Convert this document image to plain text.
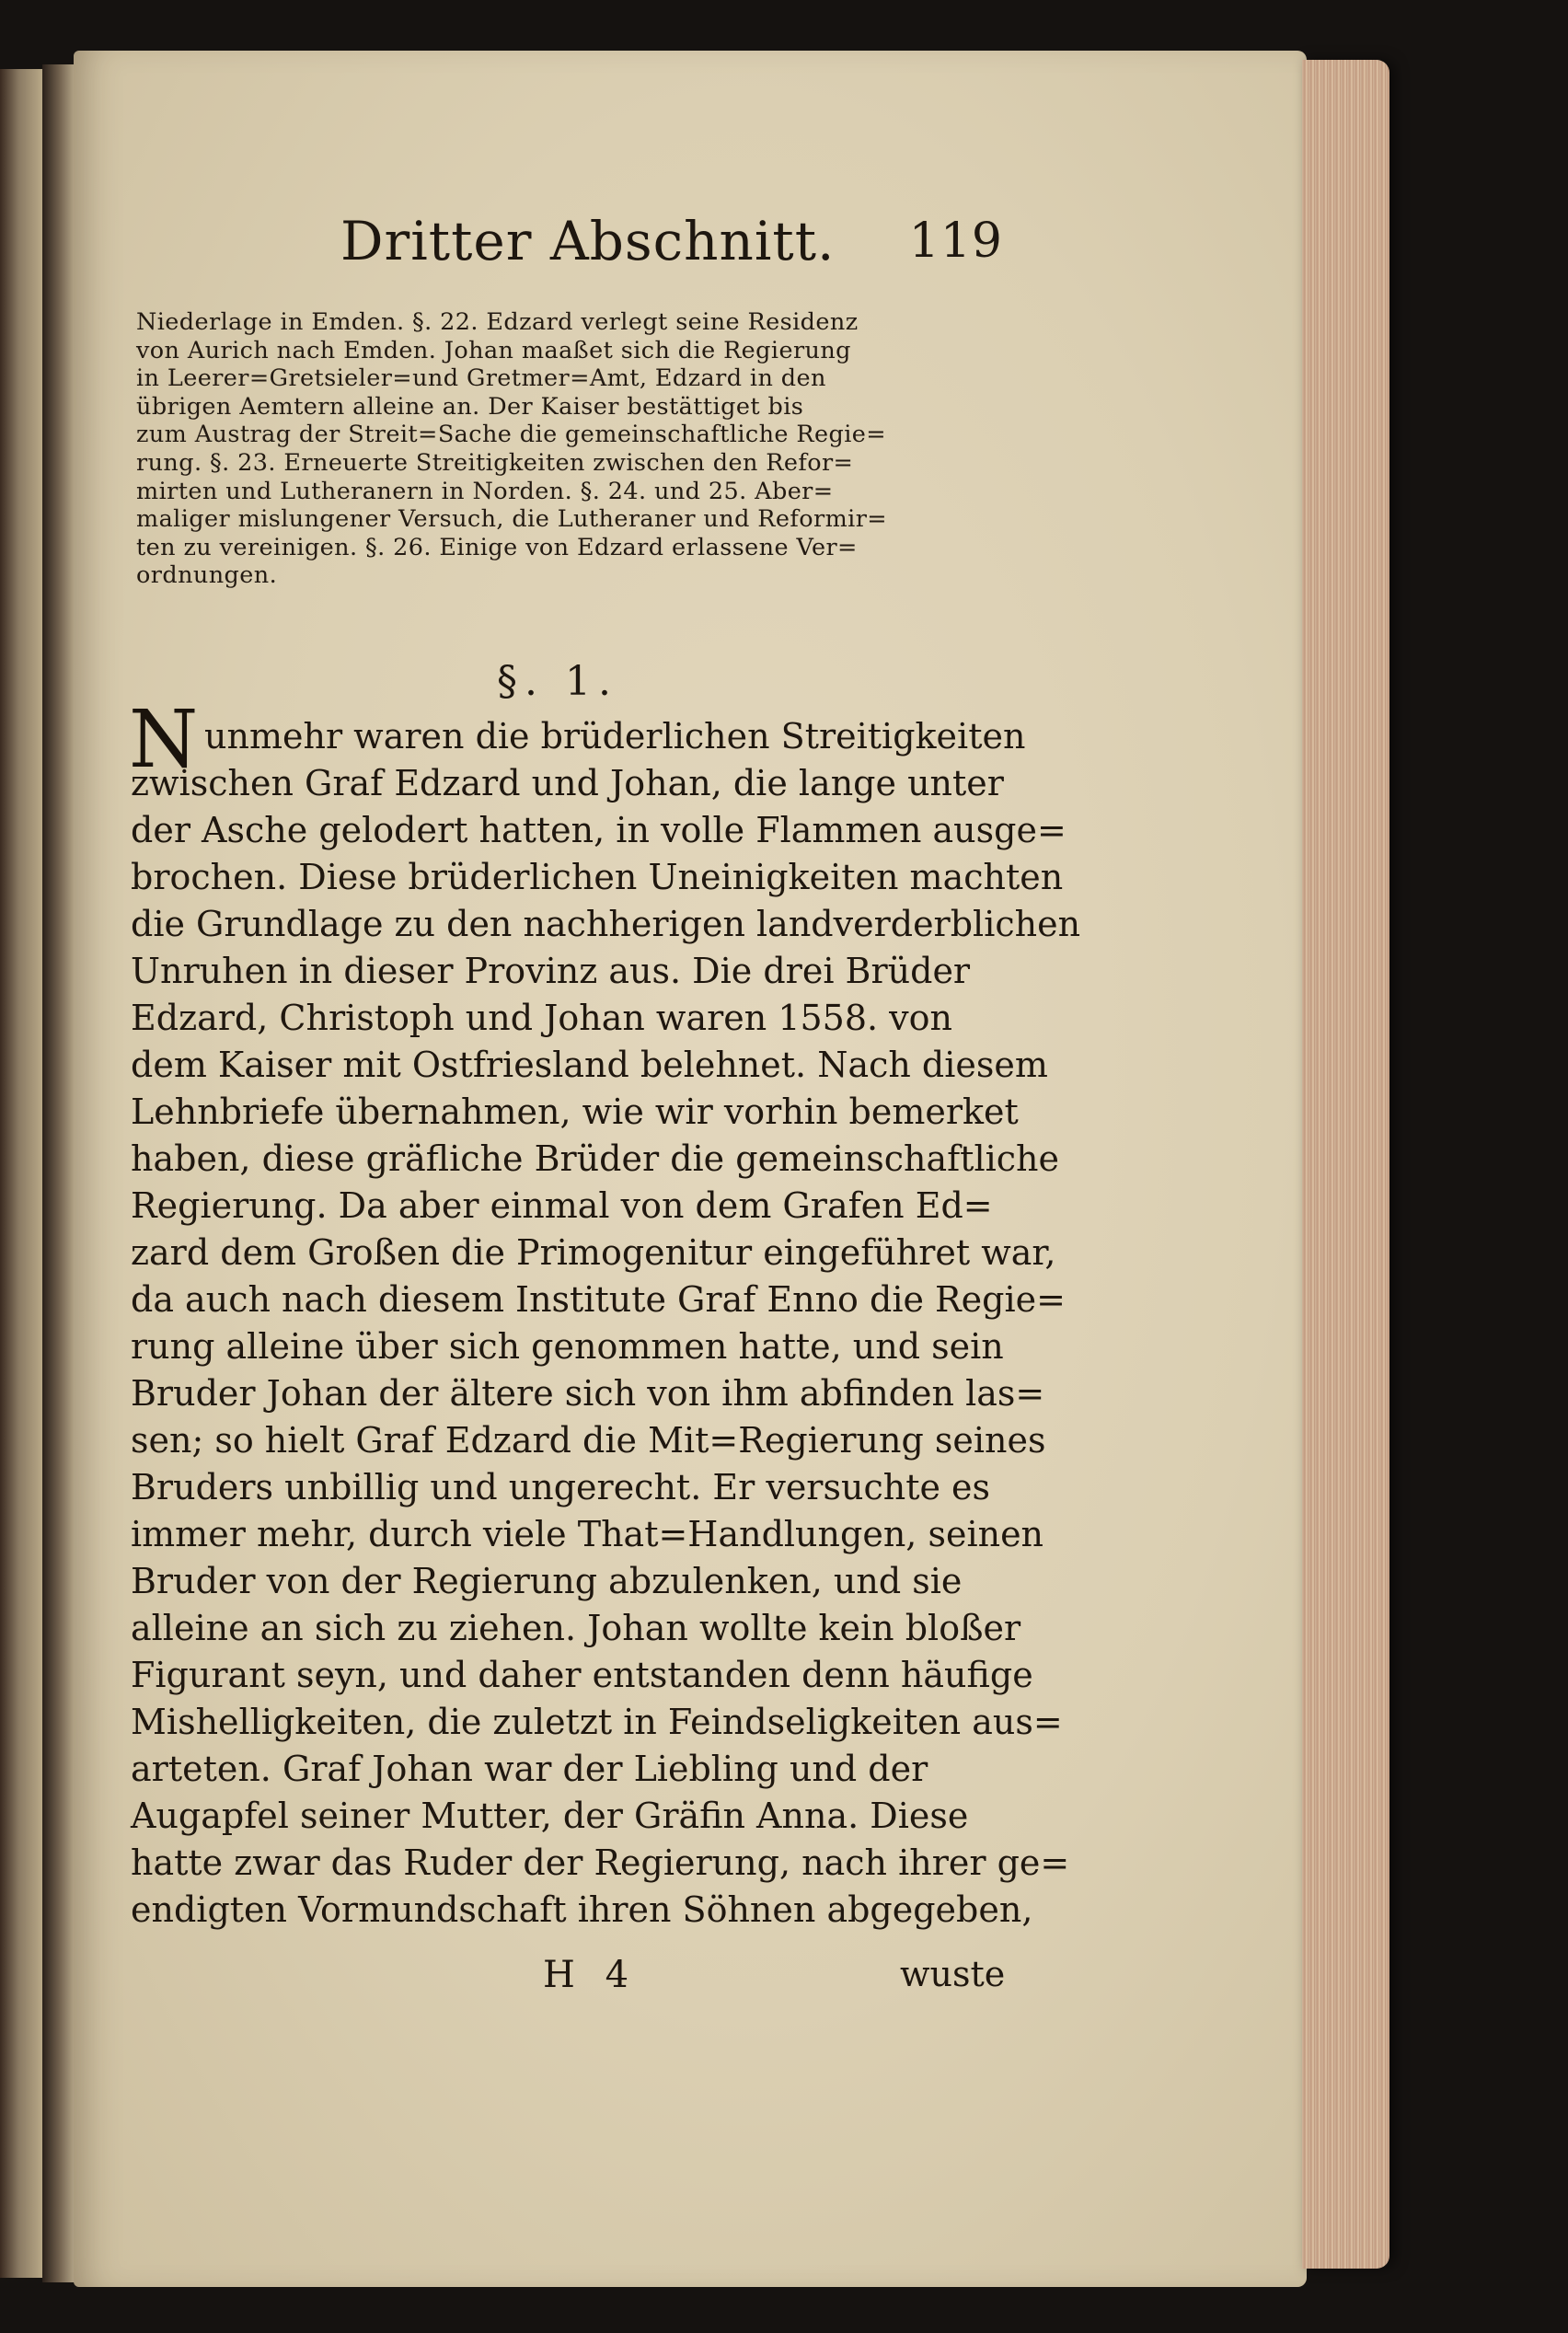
Dritter Abschnitt. 119
Niederlage in Emden. §. 22. Edzard verlegt seine Residenz
von Aurich nach Emden. Johan maaßet sich die Regierung
in Leerer=Gretsieler=und Gretmer=Amt, Edzard in den
übrigen Aemtern alleine an. Der Kaiser bestättiget bis
zum Austrag der Streit=Sache die gemeinschaftliche Regie=
rung. §. 23. Erneuerte Streitigkeiten zwischen den Refor=
mirten und Lutheranern in Norden. §. 24. und 25. Aber=
maliger mislungener Versuch, die Lutheraner und Reformir=
ten zu vereinigen. §. 26. Einige von Edzard erlassene Ver=
ordnungen.
§. 1.
N unmehr waren die brüderlichen Streitigkeiten
zwischen Graf Edzard und Johan, die lange unter
der Asche gelodert hatten, in volle Flammen ausge=
brochen. Diese brüderlichen Uneinigkeiten machten
die Grundlage zu den nachherigen landverderblichen
Unruhen in dieser Provinz aus. Die drei Brüder
Edzard, Christoph und Johan waren 1558. von
dem Kaiser mit Ostfriesland belehnet. Nach diesem
Lehnbriefe übernahmen, wie wir vorhin bemerket
haben, diese gräfliche Brüder die gemeinschaftliche
Regierung. Da aber einmal von dem Grafen Ed=
zard dem Großen die Primogenitur eingeführet war,
da auch nach diesem Institute Graf Enno die Regie=
rung alleine über sich genommen hatte, und sein
Bruder Johan der ältere sich von ihm abfinden las=
sen; so hielt Graf Edzard die Mit=Regierung seines
Bruders unbillig und ungerecht. Er versuchte es
immer mehr, durch viele That=Handlungen, seinen
Bruder von der Regierung abzulenken, und sie
alleine an sich zu ziehen. Johan wollte kein bloßer
Figurant seyn, und daher entstanden denn häufige
Mishelligkeiten, die zuletzt in Feindseligkeiten aus=
arteten. Graf Johan war der Liebling und der
Augapfel seiner Mutter, der Gräfin Anna. Diese
hatte zwar das Ruder der Regierung, nach ihrer ge=
endigten Vormundschaft ihren Söhnen abgegeben,
H 4	wuste
